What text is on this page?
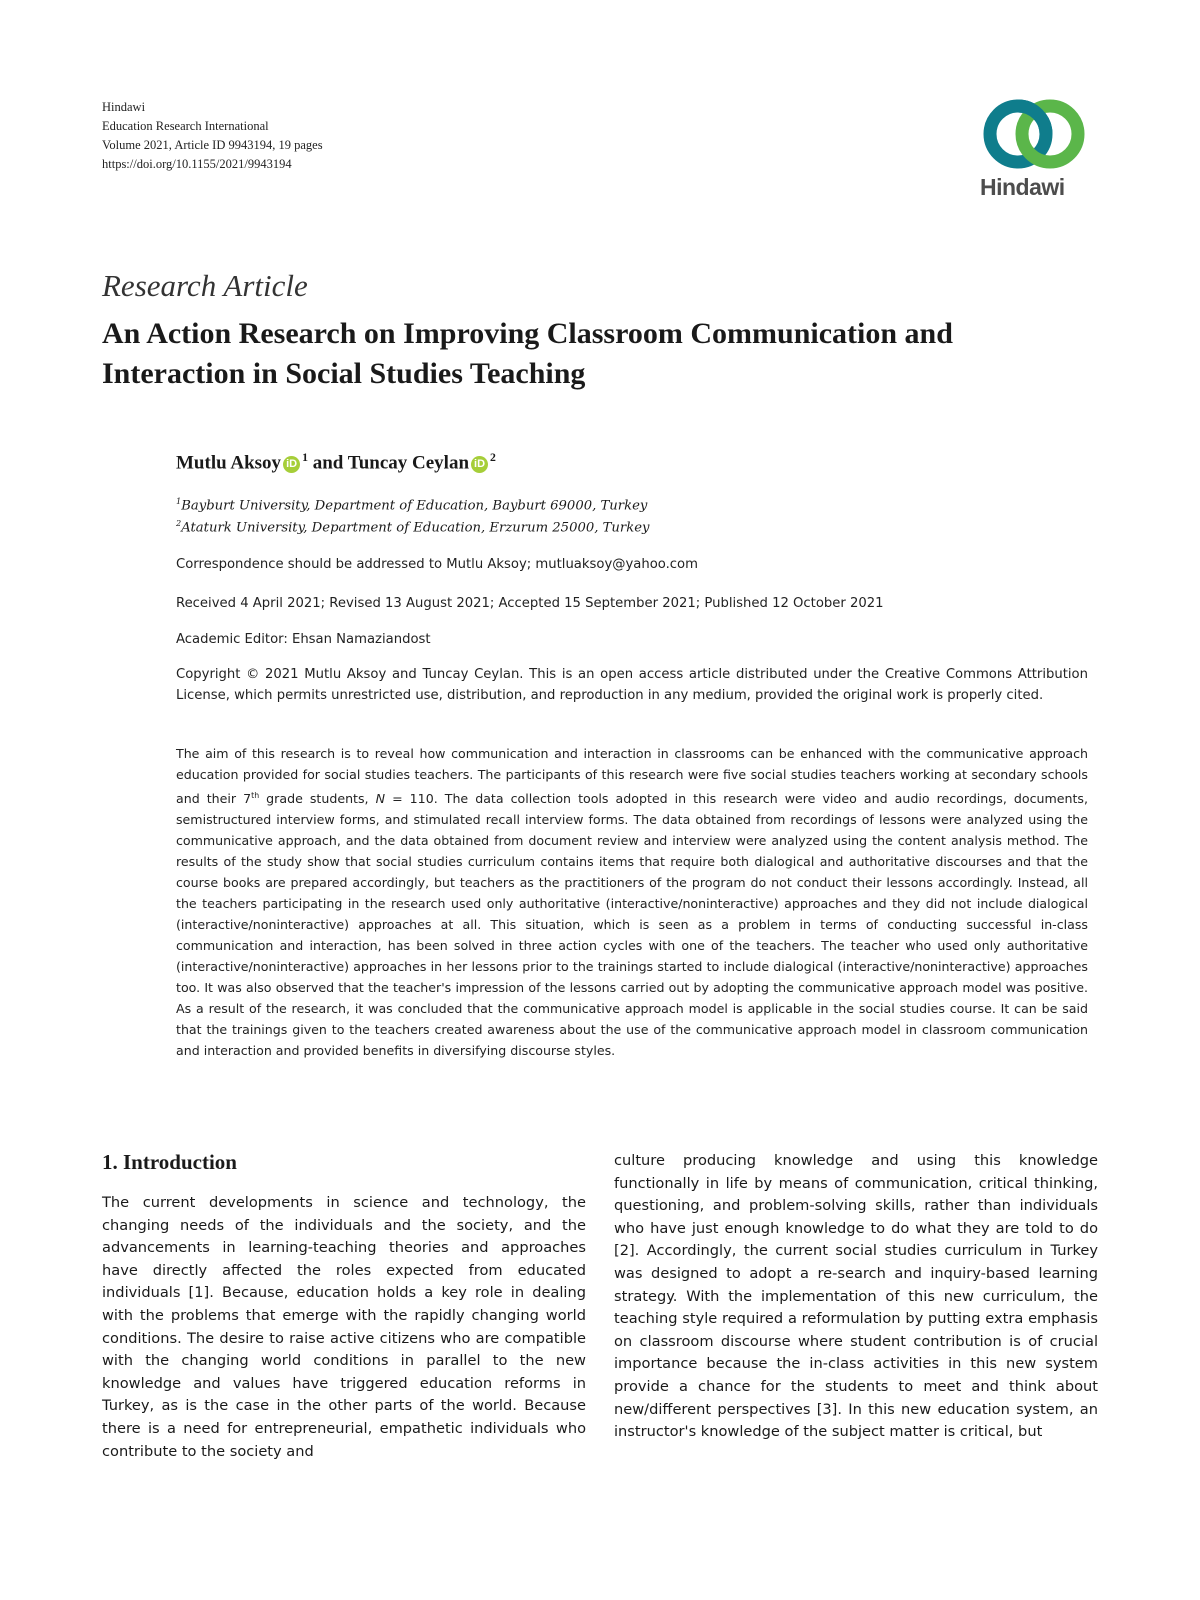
Hindawi
Education Research International
Volume 2021, Article ID 9943194, 19 pages
https://doi.org/10.1155/2021/9943194
Hindawi
Research Article
An Action Research on Improving Classroom Communication and Interaction in Social Studies Teaching
Mutlu Aksoy $iD^1$ and Tuncay Ceylan $iD^2$
$^1$Bayburt University, Department of Education, Bayburt 69000, Turkey
$^2$Ataturk University, Department of Education, Erzurum 25000, Turkey
Correspondence should be addressed to Mutlu Aksoy; mutluaksoy@yahoo.com
Received 4 April 2021; Revised 13 August 2021; Accepted 15 September 2021; Published 12 October 2021
Academic Editor: Ehsan Namaziandost
Copyright © 2021 Mutlu Aksoy and Tuncay Ceylan. This is an open access article distributed under the Creative Commons Attribution License, which permits unrestricted use, distribution, and reproduction in any medium, provided the original work is properly cited.
The aim of this research is to reveal how communication and interaction in classrooms can be enhanced with the communicative approach education provided for social studies teachers. The participants of this research were five social studies teachers working at secondary schools and their 7th grade students, N = 110. The data collection tools adopted in this research were video and audio recordings, documents, semistructured interview forms, and stimulated recall interview forms. The data obtained from recordings of lessons were analyzed using the communicative approach, and the data obtained from document review and interview were analyzed using the content analysis method. The results of the study show that social studies curriculum contains items that require both dialogical and authoritative discourses and that the course books are prepared accordingly, but teachers as the practitioners of the program do not conduct their lessons accordingly. Instead, all the teachers participating in the research used only authoritative (interactive/noninteractive) approaches and they did not include dialogical (interactive/noninteractive) approaches at all. This situation, which is seen as a problem in terms of conducting successful in-class communication and interaction, has been solved in three action cycles with one of the teachers. The teacher who used only authoritative (interactive/noninteractive) approaches in her lessons prior to the trainings started to include dialogical (interactive/noninteractive) approaches too. It was also observed that the teacher's impression of the lessons carried out by adopting the communicative approach model was positive. As a result of the research, it was concluded that the communicative approach model is applicable in the social studies course. It can be said that the trainings given to the teachers created awareness about the use of the communicative approach model in classroom communication and interaction and provided benefits in diversifying discourse styles.
1. Introduction
The current developments in science and technology, the changing needs of the individuals and the society, and the advancements in learning-teaching theories and approaches have directly affected the roles expected from educated individuals [1]. Because, education holds a key role in dealing with the problems that emerge with the rapidly changing world conditions. The desire to raise active citizens who are compatible with the changing world conditions in parallel to the new knowledge and values have triggered education reforms in Turkey, as is the case in the other parts of the world. Because there is a need for entrepreneurial, empathetic individuals who contribute to the society and
culture producing knowledge and using this knowledge functionally in life by means of communication, critical thinking, questioning, and problem-solving skills, rather than individuals who have just enough knowledge to do what they are told to do [2]. Accordingly, the current social studies curriculum in Turkey was designed to adopt a re-search and inquiry-based learning strategy. With the implementation of this new curriculum, the teaching style required a reformulation by putting extra emphasis on classroom discourse where student contribution is of crucial importance because the in-class activities in this new system provide a chance for the students to meet and think about new/different perspectives [3]. In this new education system, an instructor's knowledge of the subject matter is critical, but
